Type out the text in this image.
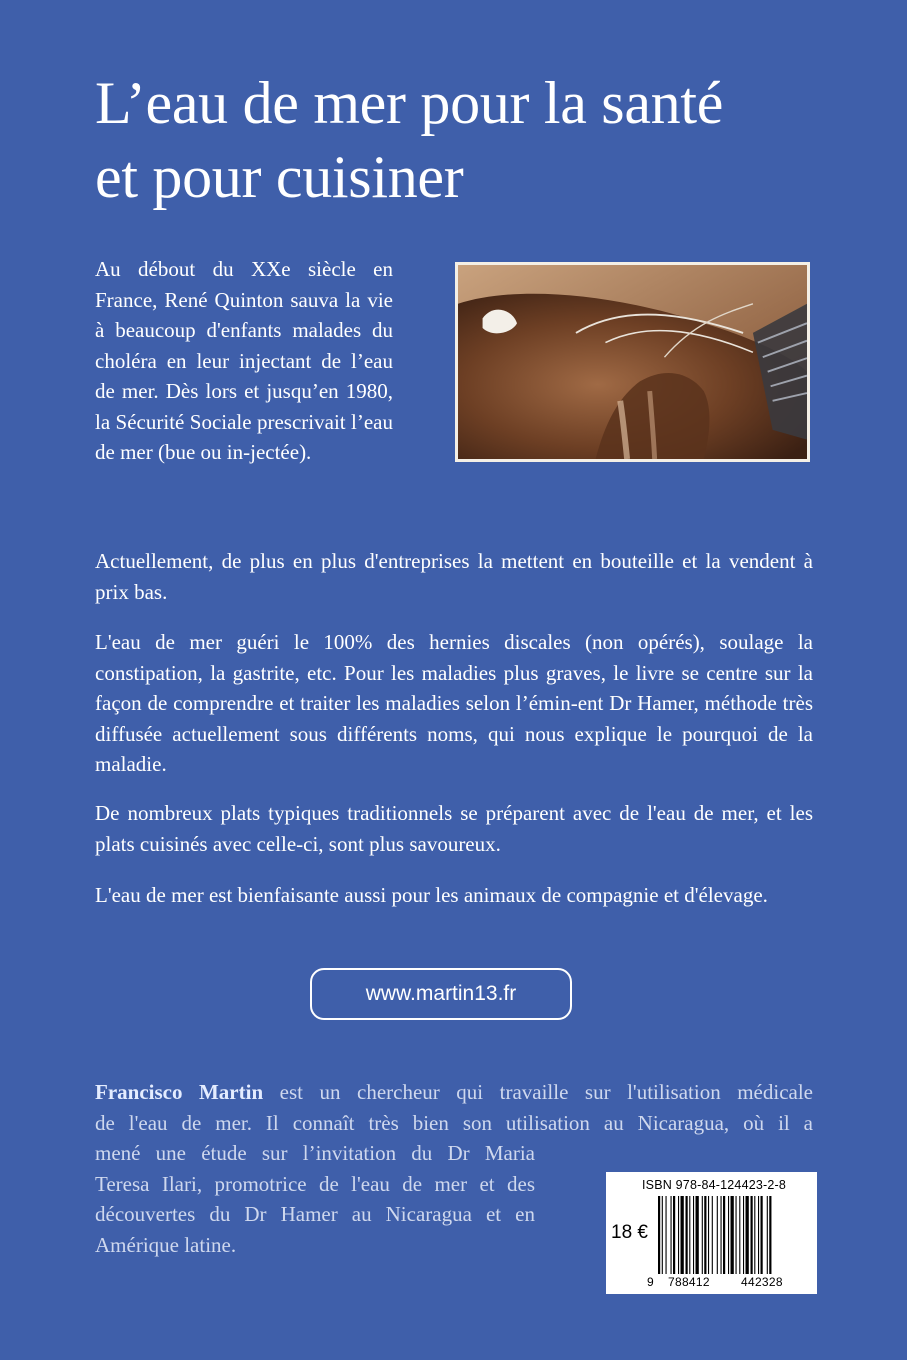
L’eau de mer pour la santé
et pour cuisiner

Au débout du XXe siècle en France, René Quinton sauva la vie à beaucoup d'enfants malades du choléra en leur injectant de l’eau de mer. Dès lors et jusqu’en 1980, la Sécurité Sociale prescrivait l’eau de mer (bue ou in-jectée).

Actuellement, de plus en plus d'entreprises la mettent en bouteille et la vendent à prix bas.

L'eau de mer guéri le 100% des hernies discales (non opérés), soulage la constipation, la gastrite, etc. Pour les maladies plus graves, le livre se centre sur la façon de comprendre et traiter les maladies selon l’émin-ent Dr Hamer, méthode très diffusée actuellement sous différents noms, qui nous explique le pourquoi de la maladie.

De nombreux plats typiques traditionnels se préparent avec de l'eau de mer, et les plats cuisinés avec celle-ci, sont plus savoureux.

L'eau de mer est bienfaisante aussi pour les animaux de compagnie et d'élevage.

www.martin13.fr

Francisco Martin est un chercheur qui travaille sur l'utilisation médicale
de l'eau de mer. Il connaît très bien son utilisation au Nicaragua, où il a
mené une étude sur l’invitation du Dr Maria
Teresa Ilari, promotrice de l'eau de mer et des
découvertes du Dr Hamer au Nicaragua et en
Amérique latine.

ISBN 978-84-124423-2-8
18 €
9 788412	442328
